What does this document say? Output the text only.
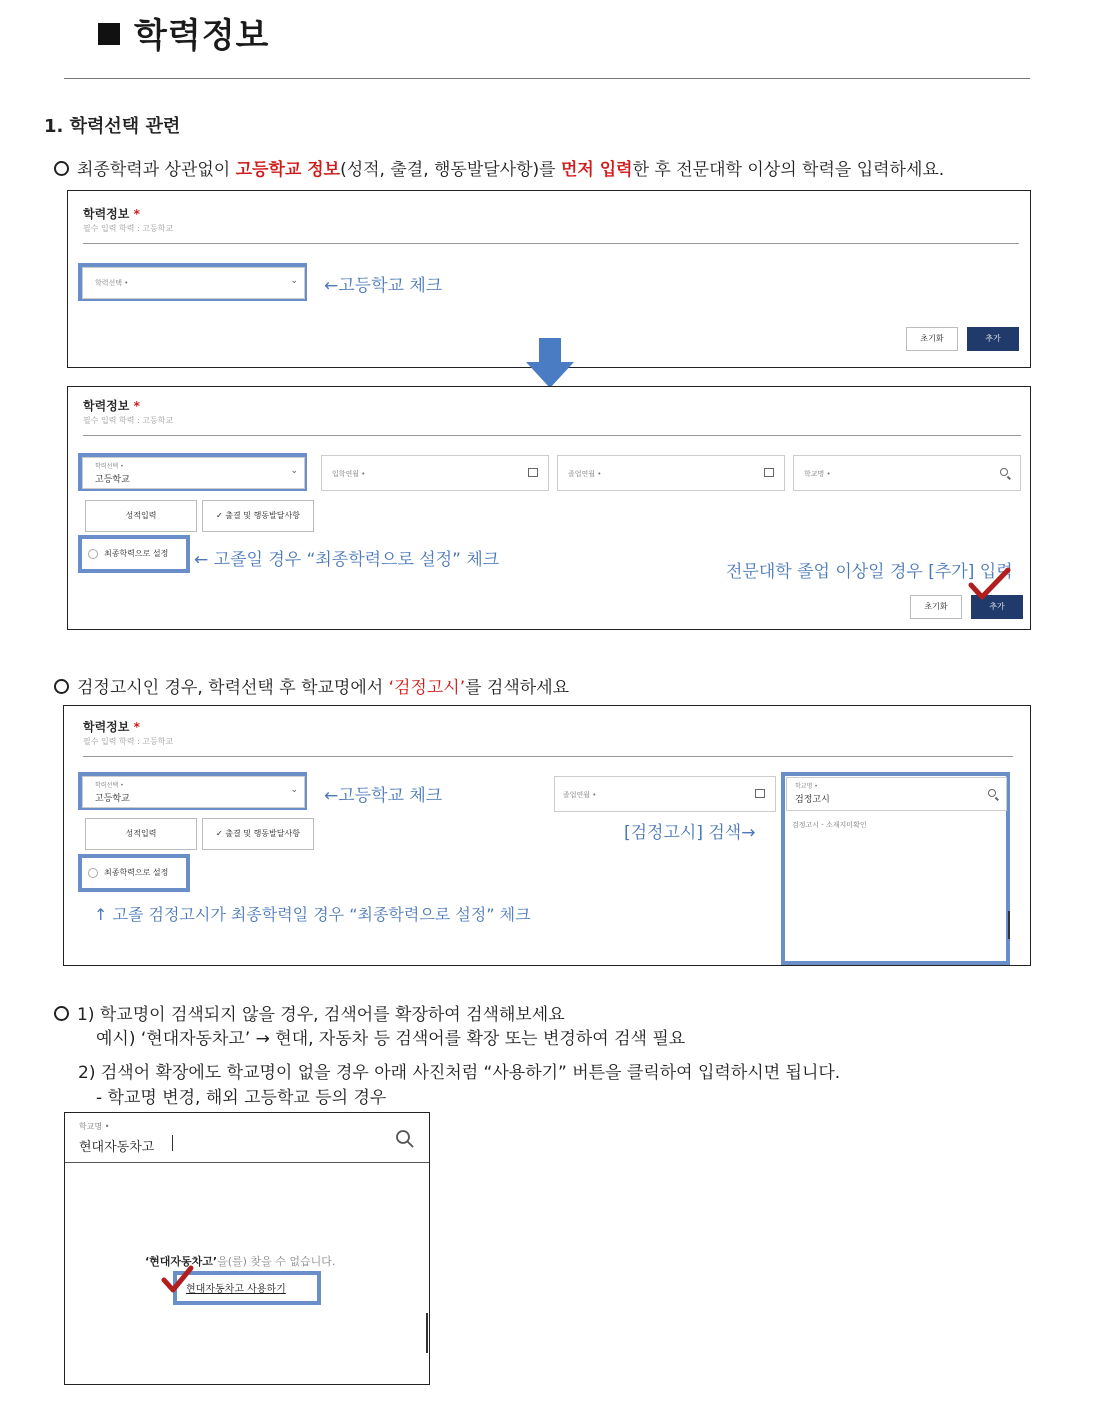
학력정보
1. 학력선택 관련
최종학력과 상관없이 고등학교 정보(성적, 출결, 행동발달사항)를 먼저 입력한 후 전문대학 이상의 학력을 입력하세요.
학력정보 *
필수 입력 학력 : 고등학교
학력선택 •	⌄ ←고등학교 체크
초기화	추가
학력정보 *
필수 입력 학력 : 고등학교
학력선택 •
고등학교
⌄	입학연월 •	졸업연월 •	학교명 •
성적입력	✓ 출결 및 행동발달사항
최종학력으로 설정 ← 고졸일 경우 “최종학력으로 설정” 체크
전문대학 졸업 이상일 경우 [추가] 입력
초기화	추가
검정고시인 경우, 학력선택 후 학교명에서 ‘검정고시’를 검색하세요
학력정보 *
필수 입력 학력 : 고등학교
학력선택 •
고등학교
⌄ ←고등학교 체크	졸업연월 •
[검정고시] 검색→
성적입력	✓ 출결 및 행동발달사항
최종학력으로 설정
↑ 고졸 검정고시가 최종학력일 경우 “최종학력으로 설정” 체크
학교명 •
검정고시
검정고시 - 소재지미확인
1) 학교명이 검색되지 않을 경우, 검색어를 확장하여 검색해보세요
예시) ‘현대자동차고’ → 현대, 자동차 등 검색어를 확장 또는 변경하여 검색 필요
2) 검색어 확장에도 학교명이 없을 경우 아래 사진처럼 “사용하기” 버튼을 클릭하여 입력하시면 됩니다.
- 학교명 변경, 해외 고등학교 등의 경우
학교명 •
현대자동차고
‘현대자동차고’을(를) 찾을 수 없습니다.
현대자동차고 사용하기
